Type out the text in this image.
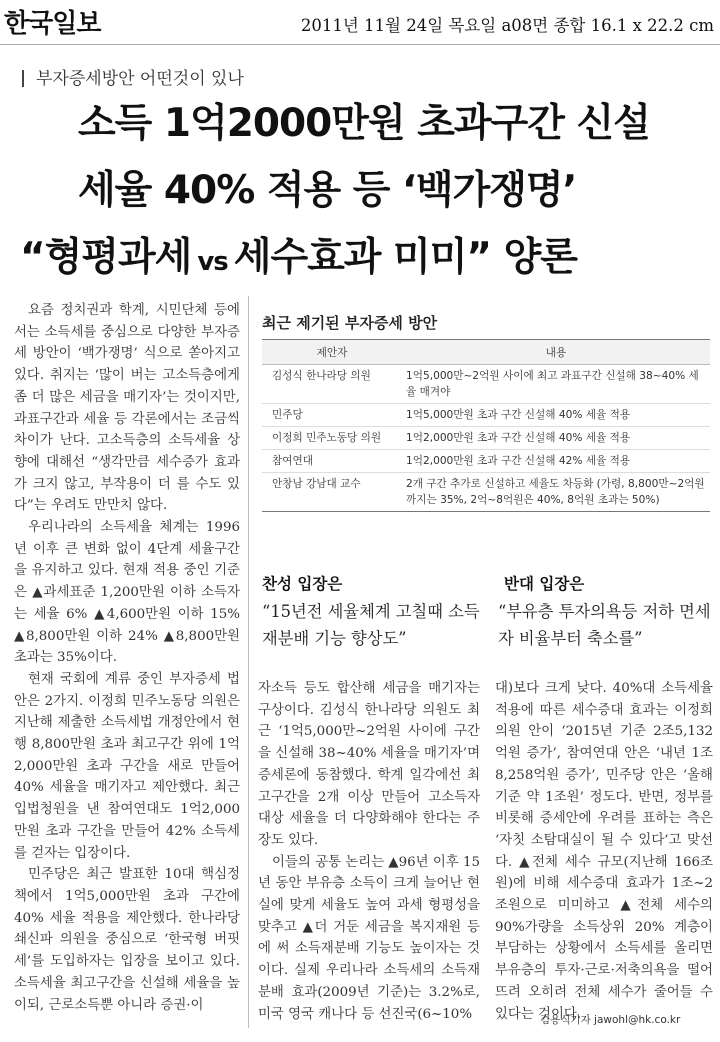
한국일보	2011년 11월 24일 목요일 a08면 종합 16.1 x 22.2 cm
부자증세방안 어떤것이 있나
소득 1억2000만원 초과구간 신설
세율 40% 적용 등 ‘백가쟁명’
“형평과세 vs 세수효과 미미” 양론

요즘 정치권과 학계, 시민단체 등에서는 소득세를 중심으로 다양한 부자증세 방안이 ‘백가쟁명’ 식으로 쏟아지고 있다. 취지는 ‘많이 버는 고소득층에게 좀 더 많은 세금을 매기자’는 것이지만, 과표구간과 세율 등 각론에서는 조금씩 차이가 난다. 고소득층의 소득세율 상향에 대해선 “생각만큼 세수증가 효과가 크지 않고, 부작용이 더 를 수도 있다”는 우려도 만만치 않다.

우리나라의 소득세율 체계는 1996년 이후 큰 변화 없이 4단계 세율구간을 유지하고 있다. 현재 적용 중인 기준은 ▲과세표준 1,200만원 이하 소득자는 세율 6% ▲4,600만원 이하 15% ▲8,800만원 이하 24% ▲8,800만원 초과는 35%이다.

현재 국회에 계류 중인 부자증세 법안은 2가지. 이정희 민주노동당 의원은 지난해 제출한 소득세법 개정안에서 현행 8,800만원 초과 최고구간 위에 1억2,000만원 초과 구간을 새로 만들어 40% 세율을 매기자고 제안했다. 최근 입법청원을 낸 참여연대도 1억2,000만원 초과 구간을 만들어 42% 소득세를 걷자는 입장이다.

민주당은 최근 발표한 10대 핵심정책에서 1억5,000만원 초과 구간에 40% 세율 적용을 제안했다. 한나라당 쇄신파 의원을 중심으로 ‘한국형 버핏세’를 도입하자는 입장을 보이고 있다. 소득세율 최고구간을 신설해 세율을 높이되, 근로소득뿐 아니라 증권·이

최근 제기된 부자증세 방안
제안자	내용
김성식 한나라당 의원	1억5,000만~2억원 사이에 최고 과표구간 신설해 38~40% 세율 매겨야
민주당	1억5,000만원 초과 구간 신설해 40% 세율 적용
이정희 민주노동당 의원	1억2,000만원 초과 구간 신설해 40% 세율 적용
참여연대	1억2,000만원 초과 구간 신설해 42% 세율 적용
안창남 강남대 교수	2개 구간 추가로 신설하고 세율도 차등화 (가령, 8,800만~2억원까지는 35%, 2억~8억원은 40%, 8억원 초과는 50%)
찬성 입장은
“15년전 세율체계 고칠때 소득 재분배 기능 향상도”
반대 입장은
“부유층 투자의욕등 저하 면세자 비율부터 축소를”

자소득 등도 합산해 세금을 매기자는 구상이다. 김성식 한나라당 의원도 최근 ‘1억5,000만~2억원 사이에 구간을 신설해 38~40% 세율을 매기자’며 증세론에 동참했다. 학계 일각에선 최고구간을 2개 이상 만들어 고소득자 대상 세율을 더 다양화해야 한다는 주장도 있다.

이들의 공통 논리는 ▲96년 이후 15년 동안 부유층 소득이 크게 늘어난 현실에 맞게 세율도 높여 과세 형평성을 맞추고 ▲더 거둔 세금을 복지재원 등에 써 소득재분배 기능도 높이자는 것이다. 실제 우리나라 소득세의 소득재분배 효과(2009년 기준)는 3.2%로, 미국 영국 캐나다 등 선진국(6~10%

대)보다 크게 낮다. 40%대 소득세율 적용에 따른 세수증대 효과는 이정희 의원 안이 ‘2015년 기준 2조5,132억원 증가’, 참여연대 안은 ‘내년 1조8,258억원 증가’, 민주당 안은 ‘올해 기준 약 1조원’ 정도다. 반면, 정부를 비롯해 증세안에 우려를 표하는 측은 ‘자칫 소탐대실이 될 수 있다’고 맞선다. ▲전체 세수 규모(지난해 166조원)에 비해 세수증대 효과가 1조~2조원으로 미미하고 ▲전체 세수의 90%가량을 소득상위 20% 계층이 부담하는 상황에서 소득세를 올리면 부유층의 투자·근로·저축의욕을 떨어뜨려 오히려 전체 세수가 줄어들 수 있다는 것이다.

김용식기자 jawohl@hk.co.kr
